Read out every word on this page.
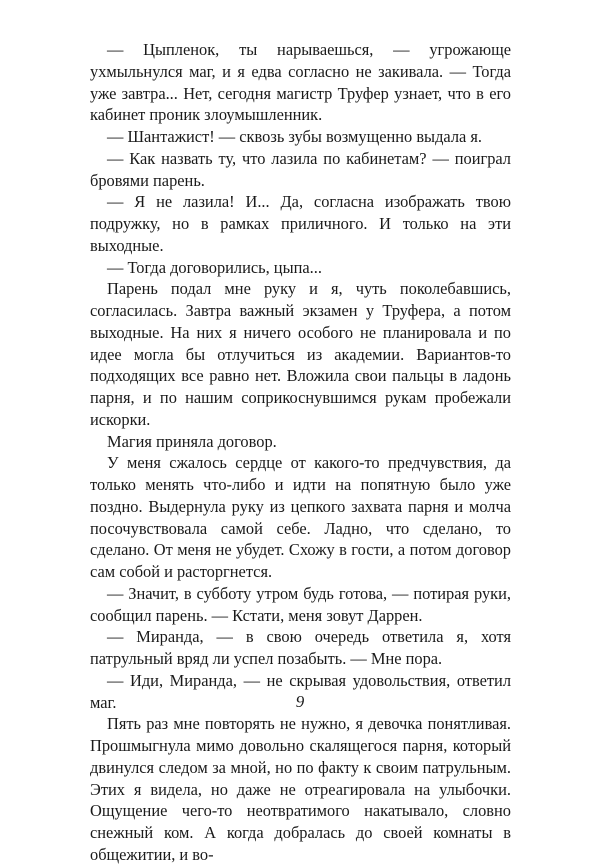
— Цыпленок, ты нарываешься, — угрожающе ухмыльнулся маг, и я едва согласно не закивала. — Тогда уже завтра... Нет, сегодня магистр Труфер узнает, что в его кабинет проник злоумышленник.

— Шантажист! — сквозь зубы возмущенно выдала я.

— Как назвать ту, что лазила по кабинетам? — поиграл бровями парень.

— Я не лазила! И... Да, согласна изображать твою подружку, но в рамках приличного. И только на эти выходные.

— Тогда договорились, цыпа...

Парень подал мне руку и я, чуть поколебавшись, согласилась. Завтра важный экзамен у Труфера, а потом выходные. На них я ничего особого не планировала и по идее могла бы отлучиться из академии. Вариантов-то подходящих все равно нет. Вложила свои пальцы в ладонь парня, и по нашим соприкоснувшимся рукам пробежали искорки.

Магия приняла договор.

У меня сжалось сердце от какого-то предчувствия, да только менять что-либо и идти на попятную было уже поздно. Выдернула руку из цепкого захвата парня и молча посочувствовала самой себе. Ладно, что сделано, то сделано. От меня не убудет. Схожу в гости, а потом договор сам собой и расторгнется.

— Значит, в субботу утром будь готова, — потирая руки, сообщил парень. — Кстати, меня зовут Даррен.

— Миранда, — в свою очередь ответила я, хотя патрульный вряд ли успел позабыть. — Мне пора.

— Иди, Миранда, — не скрывая удовольствия, ответил маг.

Пять раз мне повторять не нужно, я девочка понятливая. Прошмыгнула мимо довольно скалящегося парня, который двинулся следом за мной, но по факту к своим патрульным. Этих я видела, но даже не отреагировала на улыбочки. Ощущение чего-то неотвратимого накатывало, словно снежный ком. А когда добралась до своей комнаты в общежитии, и во-

9
